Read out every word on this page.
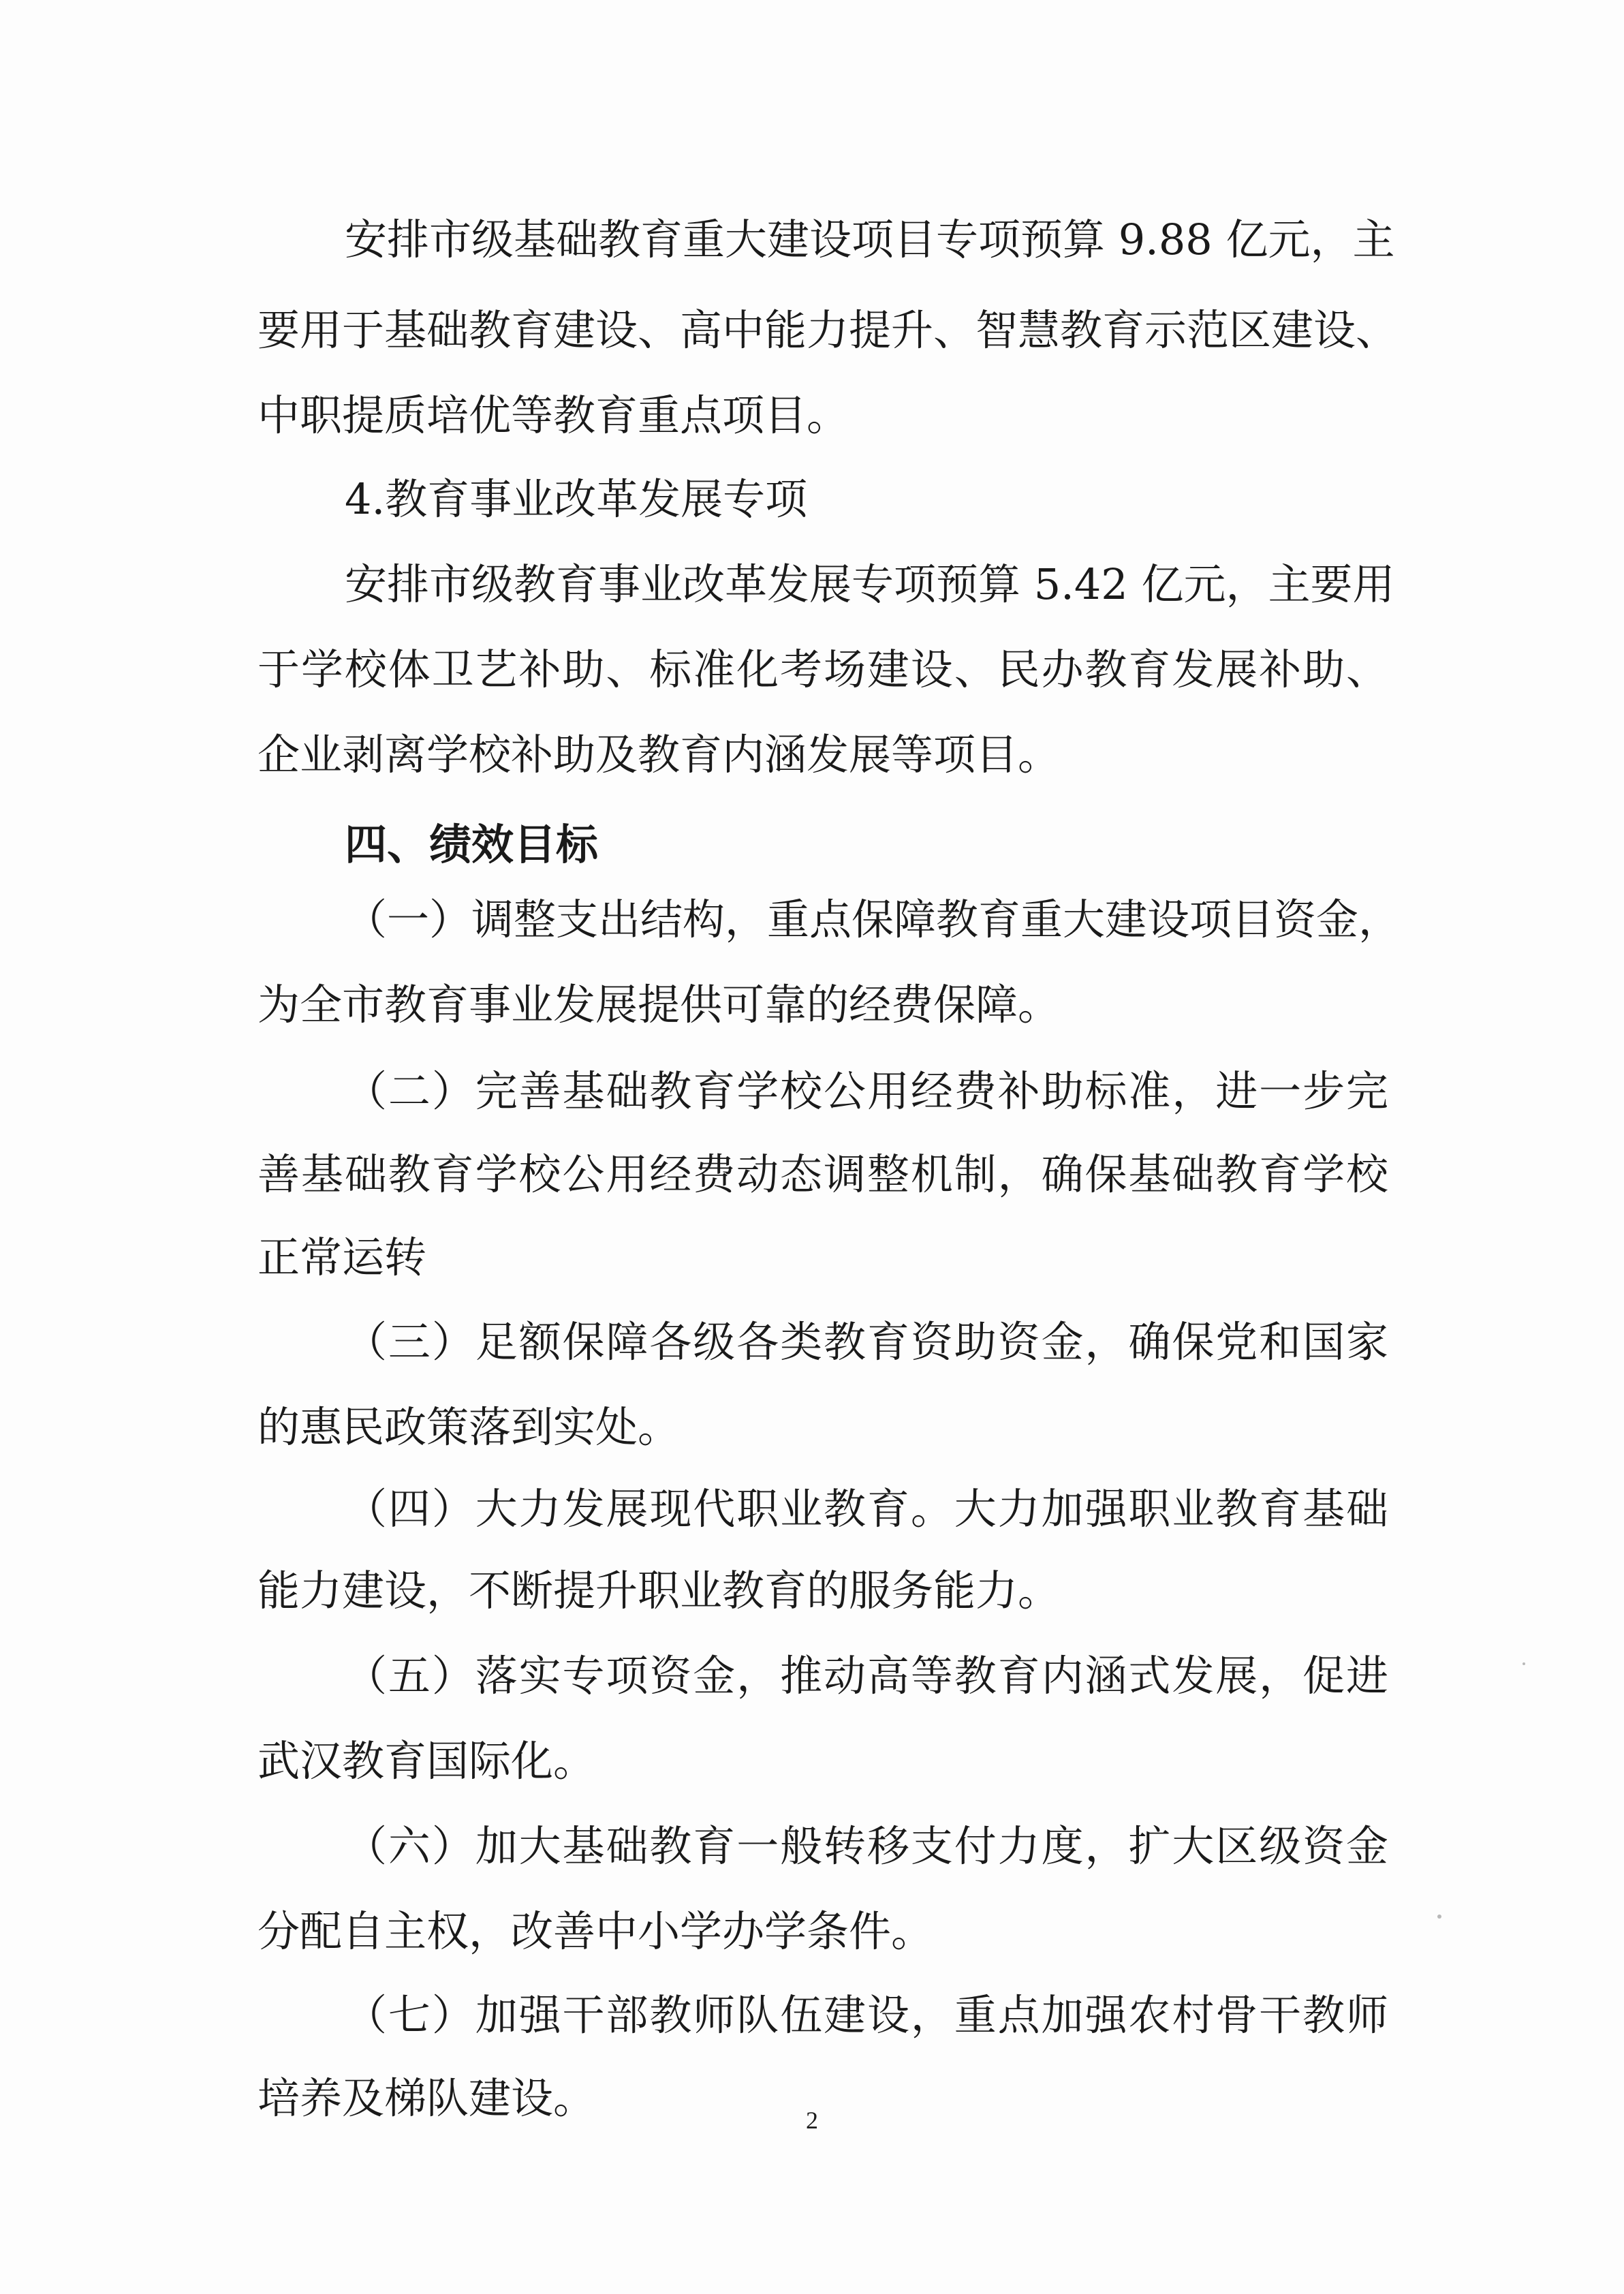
安排市级基础教育重大建设项目专项预算 9.88 亿元，主
要用于基础教育建设、高中能力提升、智慧教育示范区建设、
中职提质培优等教育重点项目。
4.教育事业改革发展专项
安排市级教育事业改革发展专项预算 5.42 亿元，主要用
于学校体卫艺补助、标准化考场建设、民办教育发展补助、
企业剥离学校补助及教育内涵发展等项目。
四、绩效目标
（一）调整支出结构，重点保障教育重大建设项目资金，
为全市教育事业发展提供可靠的经费保障。
（二）完善基础教育学校公用经费补助标准，进一步完
善基础教育学校公用经费动态调整机制，确保基础教育学校
正常运转
（三）足额保障各级各类教育资助资金，确保党和国家
的惠民政策落到实处。
（四）大力发展现代职业教育。大力加强职业教育基础
能力建设，不断提升职业教育的服务能力。
（五）落实专项资金，推动高等教育内涵式发展，促进
武汉教育国际化。
（六）加大基础教育一般转移支付力度，扩大区级资金
分配自主权，改善中小学办学条件。
（七）加强干部教师队伍建设，重点加强农村骨干教师
培养及梯队建设。	2
